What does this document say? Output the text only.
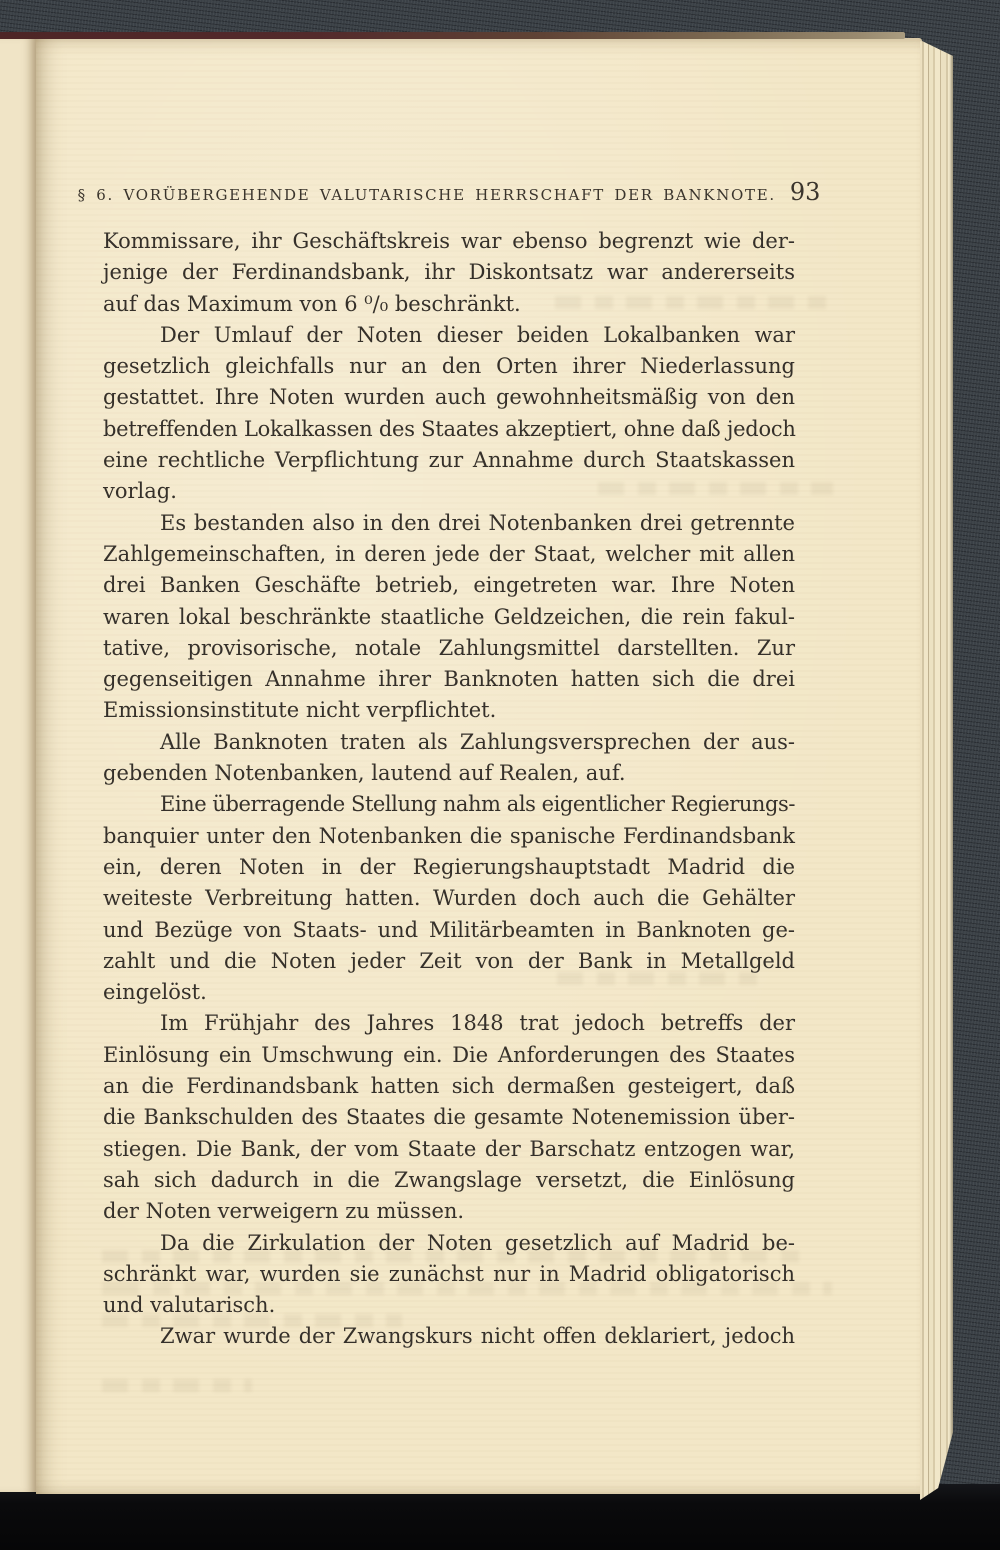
§ 6. VORÜBERGEHENDE VALUTARISCHE HERRSCHAFT DER BANKNOTE. 93
Kommissare, ihr Geschäftskreis war ebenso begrenzt wie der-
jenige der Ferdinandsbank, ihr Diskontsatz war andererseits
auf das Maximum von 6 ⁰/₀ beschränkt.
Der Umlauf der Noten dieser beiden Lokalbanken war
gesetzlich gleichfalls nur an den Orten ihrer Niederlassung
gestattet. Ihre Noten wurden auch gewohnheitsmäßig von den
betreffenden Lokalkassen des Staates akzeptiert, ohne daß jedoch
eine rechtliche Verpflichtung zur Annahme durch Staatskassen
vorlag.
Es bestanden also in den drei Notenbanken drei getrennte
Zahlgemeinschaften, in deren jede der Staat, welcher mit allen
drei Banken Geschäfte betrieb, eingetreten war. Ihre Noten
waren lokal beschränkte staatliche Geldzeichen, die rein fakul-
tative, provisorische, notale Zahlungsmittel darstellten. Zur
gegenseitigen Annahme ihrer Banknoten hatten sich die drei
Emissionsinstitute nicht verpflichtet.
Alle Banknoten traten als Zahlungsversprechen der aus-
gebenden Notenbanken, lautend auf Realen, auf.
Eine überragende Stellung nahm als eigentlicher Regierungs-
banquier unter den Notenbanken die spanische Ferdinandsbank
ein, deren Noten in der Regierungshauptstadt Madrid die
weiteste Verbreitung hatten. Wurden doch auch die Gehälter
und Bezüge von Staats- und Militärbeamten in Banknoten ge-
zahlt und die Noten jeder Zeit von der Bank in Metallgeld
eingelöst.
Im Frühjahr des Jahres 1848 trat jedoch betreffs der
Einlösung ein Umschwung ein. Die Anforderungen des Staates
an die Ferdinandsbank hatten sich dermaßen gesteigert, daß
die Bankschulden des Staates die gesamte Notenemission über-
stiegen. Die Bank, der vom Staate der Barschatz entzogen war,
sah sich dadurch in die Zwangslage versetzt, die Einlösung
der Noten verweigern zu müssen.
Da die Zirkulation der Noten gesetzlich auf Madrid be-
schränkt war, wurden sie zunächst nur in Madrid obligatorisch
und valutarisch.
Zwar wurde der Zwangskurs nicht offen deklariert, jedoch
